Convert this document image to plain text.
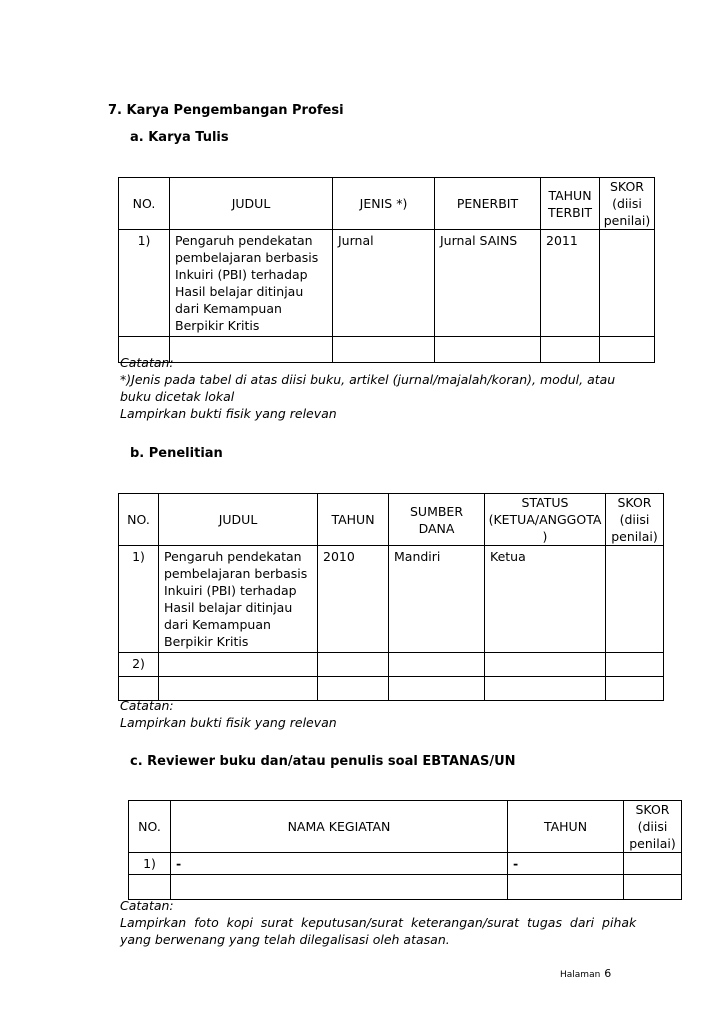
7. Karya Pengembangan Profesi
a. Karya Tulis
NO.	JUDUL	JENIS *)	PENERBIT	TAHUN TERBIT	SKOR (diisi penilai)
1)	Pengaruh pendekatan pembelajaran berbasis Inkuiri (PBI) terhadap Hasil belajar ditinjau dari Kemampuan Berpikir Kritis	Jurnal	Jurnal SAINS	2011	

Catatan:
*)Jenis pada tabel di atas diisi buku, artikel (jurnal/majalah/koran), modul, atau
buku dicetak lokal
Lampirkan bukti fisik yang relevan
b. Penelitian
NO.	JUDUL	TAHUN	SUMBER DANA	STATUS (KETUA/ANGGOTA )	SKOR (diisi penilai)
1)	Pengaruh pendekatan pembelajaran berbasis Inkuiri (PBI) terhadap Hasil belajar ditinjau dari Kemampuan Berpikir Kritis	2010	Mandiri	Ketua	
2)					

Catatan:
Lampirkan bukti fisik yang relevan
c. Reviewer buku dan/atau penulis soal EBTANAS/UN
NO.	NAMA KEGIATAN	TAHUN	SKOR (diisi penilai)
1)	-	-	

Catatan:
Lampirkan  foto  kopi  surat  keputusan/surat  keterangan/surat  tugas  dari  pihak
yang berwenang yang telah dilegalisasi oleh atasan.
Halaman 6
